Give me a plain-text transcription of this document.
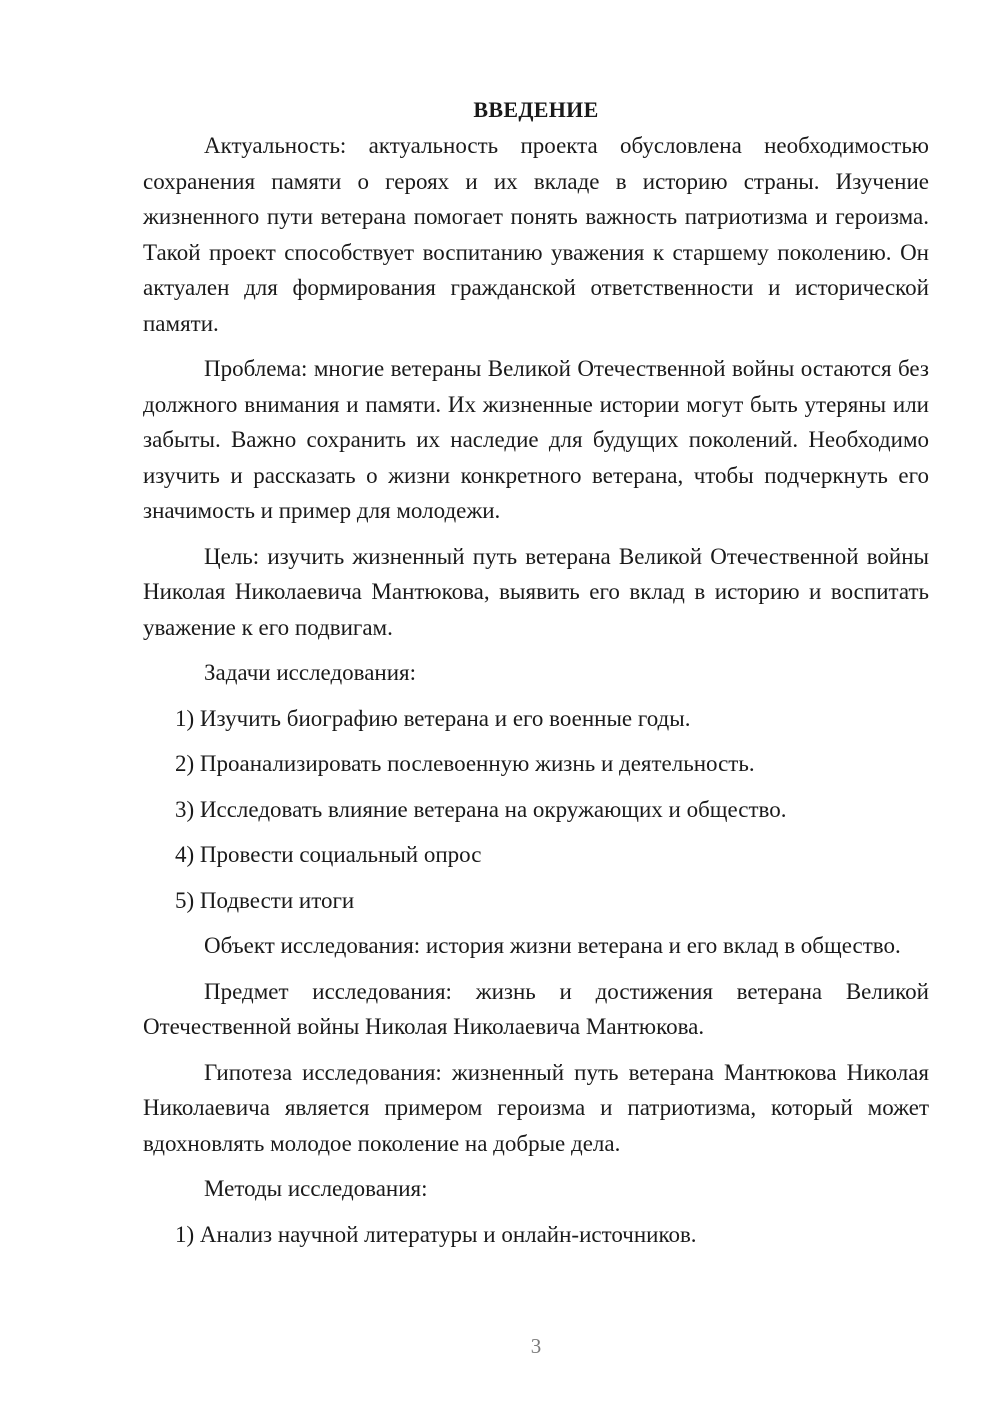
ВВЕДЕНИЕ

Актуальность: актуальность проекта обусловлена необходимостью сохранения памяти о героях и их вкладе в историю страны. Изучение жизненного пути ветерана помогает понять важность патриотизма и героизма. Такой проект способствует воспитанию уважения к старшему поколению. Он актуален для формирования гражданской ответственности и исторической памяти.

Проблема: многие ветераны Великой Отечественной войны остаются без должного внимания и памяти. Их жизненные истории могут быть утеряны или забыты. Важно сохранить их наследие для будущих поколений. Необходимо изучить и рассказать о жизни конкретного ветерана, чтобы подчеркнуть его значимость и пример для молодежи.

Цель: изучить жизненный путь ветерана Великой Отечественной войны Николая Николаевича Мантюкова, выявить его вклад в историю и воспитать уважение к его подвигам.

Задачи исследования:

1) Изучить биографию ветерана и его военные годы.

2) Проанализировать послевоенную жизнь и деятельность.

3) Исследовать влияние ветерана на окружающих и общество.

4) Провести социальный опрос

5) Подвести итоги

Объект исследования: история жизни ветерана и его вклад в общество.

Предмет исследования: жизнь и достижения ветерана Великой Отечественной войны Николая Николаевича Мантюкова.

Гипотеза исследования: жизненный путь ветерана Мантюкова Николая Николаевича является примером героизма и патриотизма, который может вдохновлять молодое поколение на добрые дела.

Методы исследования:

1) Анализ научной литературы и онлайн-источников.

3
